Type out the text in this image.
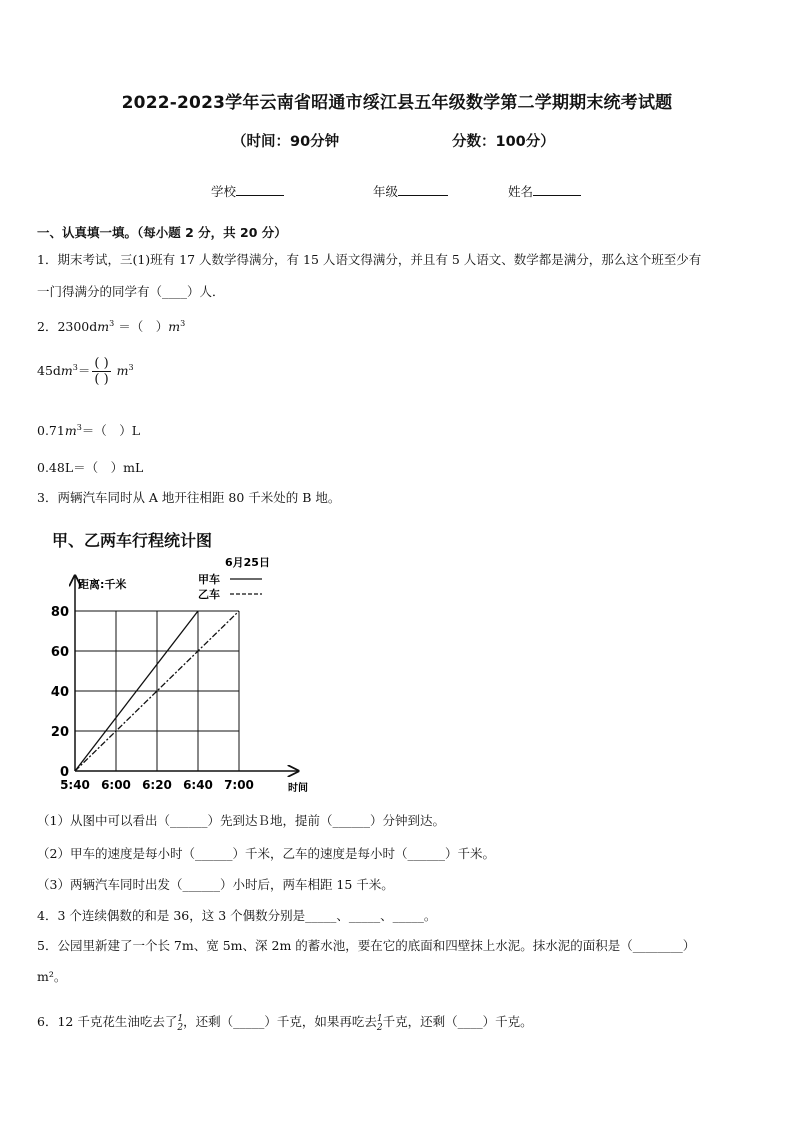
2022-2023学年云南省昭通市绥江县五年级数学第二学期期末统考试题
（时间：90分钟	分数：100分）
学校	年级	姓名
一、认真填一填。（每小题 2 分，共 20 分）
1．期末考试，三(1)班有 17 人数学得满分，有 15 人语文得满分，并且有 5 人语文、数学都是满分，那么这个班至少有
一门得满分的同学有（____）人．
2．$2300dm^3$ ＝（　）$m^3$
$45dm^3= \frac{( )}{( )} m^3$
$0.71m^3=$（　）L
0.48L＝（　）mL
3．两辆汽车同时从 A 地开往相距 80 千米处的 B 地。
甲、乙两车行程统计图
0
20
40
60
80
5:40 6:00 6:20 6:40 7:00
6月25日
距离:千米
时间
甲车
乙车
（1）从图中可以看出（______）先到达Ｂ地，提前（______）分钟到达。
（2）甲车的速度是每小时（______）千米，乙车的速度是每小时（______）千米。
（3）两辆汽车同时出发（______）小时后，两车相距 15 千米。
4．3 个连续偶数的和是 36，这 3 个偶数分别是_____、_____、_____。
5．公园里新建了一个长 7m、宽 5m、深 2m 的蓄水池，要在它的底面和四壁抹上水泥。抹水泥的面积是（________）
m²。
6．12 千克花生油吃去了 1
2 ，还剩（_____）千克，如果再吃去 1
2 千克，还剩（____）千克。
